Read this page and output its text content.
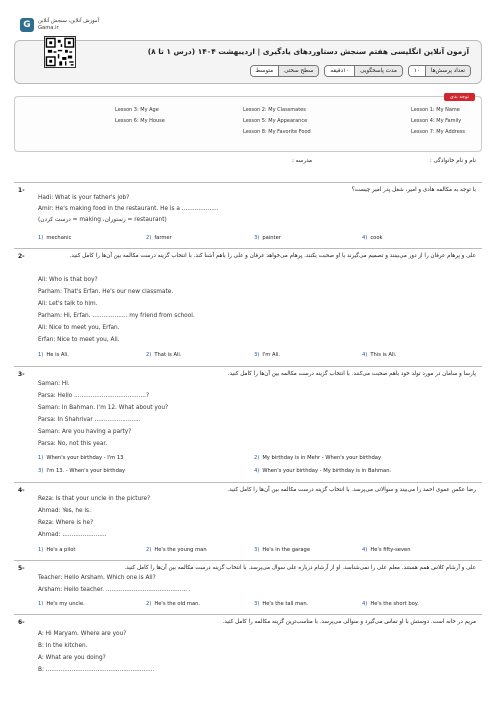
G	آموزش آنلاین، سنجش آنلاین
Gama.ir
آزمون آنلاین انگلیسی هفتم سنجش دستاوردهای یادگیری | اردیبهشت ۱۴۰۴ (درس ۱ تا ۸)
تعداد پرسش‌ها
۱۰
مدت پاسخگویی
۱۰دقیقه
سطح سختی
متوسط
توجه بدی
Lesson 1: My Name
Lesson 2: My Classmates
Lesson 3: My Age
Lesson 4: My Family
Lesson 5: My Appearance
Lesson 6: My House
Lesson 7: My Address
Lesson 8: My Favorite Food
نام و نام خانوادگی :
مدرسه :
1-	با توجه به مکالمه هادی و امیر، شغل پدر امیر چیست؟
Hadi: What is your father's job?
Amir: He's making food in the restaurant. He is a ....................
(درست کردن = making ،رستوران = restaurant)
1) mechanic	2) farmer	3) painter	4) cook
2-	علی و پرهام عرفان را از دور می‌بینند و تصمیم می‌گیرند با او صحبت بکنند. پرهام می‌خواهد عرفان و علی را باهم آشنا کند. با انتخاب گزینه درست مکالمه بین آن‌ها را کامل کنید.
Ali: Who is that boy?
Parham: That's Erfan. He's our new classmate.
Ali: Let's talk to him.
Parham: Hi, Erfan. ................... my friend from school.
Ali: Nice to meet you, Erfan.
Erfan: Nice to meet you, Ali.
1) He is Ali.	2) That is Ali.	3) I'm Ali.	4) This is Ali.
3-	پارسا و سامان در مورد تولد خود باهم صحبت می‌کنند. با انتخاب گزینه درست مکالمه بین آن‌ها را کامل کنید.
Saman: Hi.
Parsa: Hello .......................................?
Saman: In Bahman. I'm 12. What about you?
Parsa: In Shahrivar .........................
Saman: Are you having a party?
Parsa: No, not this year.
1) When's your birthday - I'm 13	2) My birthday is in Mehr - When's your birthday
3) I'm 13. - When's your birthday	4) When's your birthday - My birthday is in Bahman.
4-	رضا عکس عموی احمد را می‌بیند و سوالاتی می‌پرسد. با انتخاب گزینه درست مکالمه بین آن‌ها را کامل کنید.
Reza: Is that your uncle in the picture?
Ahmad: Yes, he is.
Reza: Where is he?
Ahmad: ........................
1) He's a pilot	2) He's the young man	3) He's in the garage	4) He's fifty-seven
5-	علی و آرشام کلاس همم هستند. معلم علی را نمی‌شناسد. او از آرشام درباره علی سوال می‌پرسد. با انتخاب گزینه درست مکالمه بین آن‌ها را کامل کنید.
Teacher: Hello Arsham. Which one is Ali?
Arsham: Hello teacher. ............................................ .
1) He's my uncle.	2) He's the old man.	3) He's the tall man.	4) He's the short boy.
6-	مریم در خانه است. دوستش با او تماس می‌گیرد و سوالی می‌پرسد. با مناسب‌ترین گزینه مکالمه را کامل کنید.
A: Hi Maryam. Where are you?
B: In the kitchen.
A: What are you doing?
B: ...........................................................
